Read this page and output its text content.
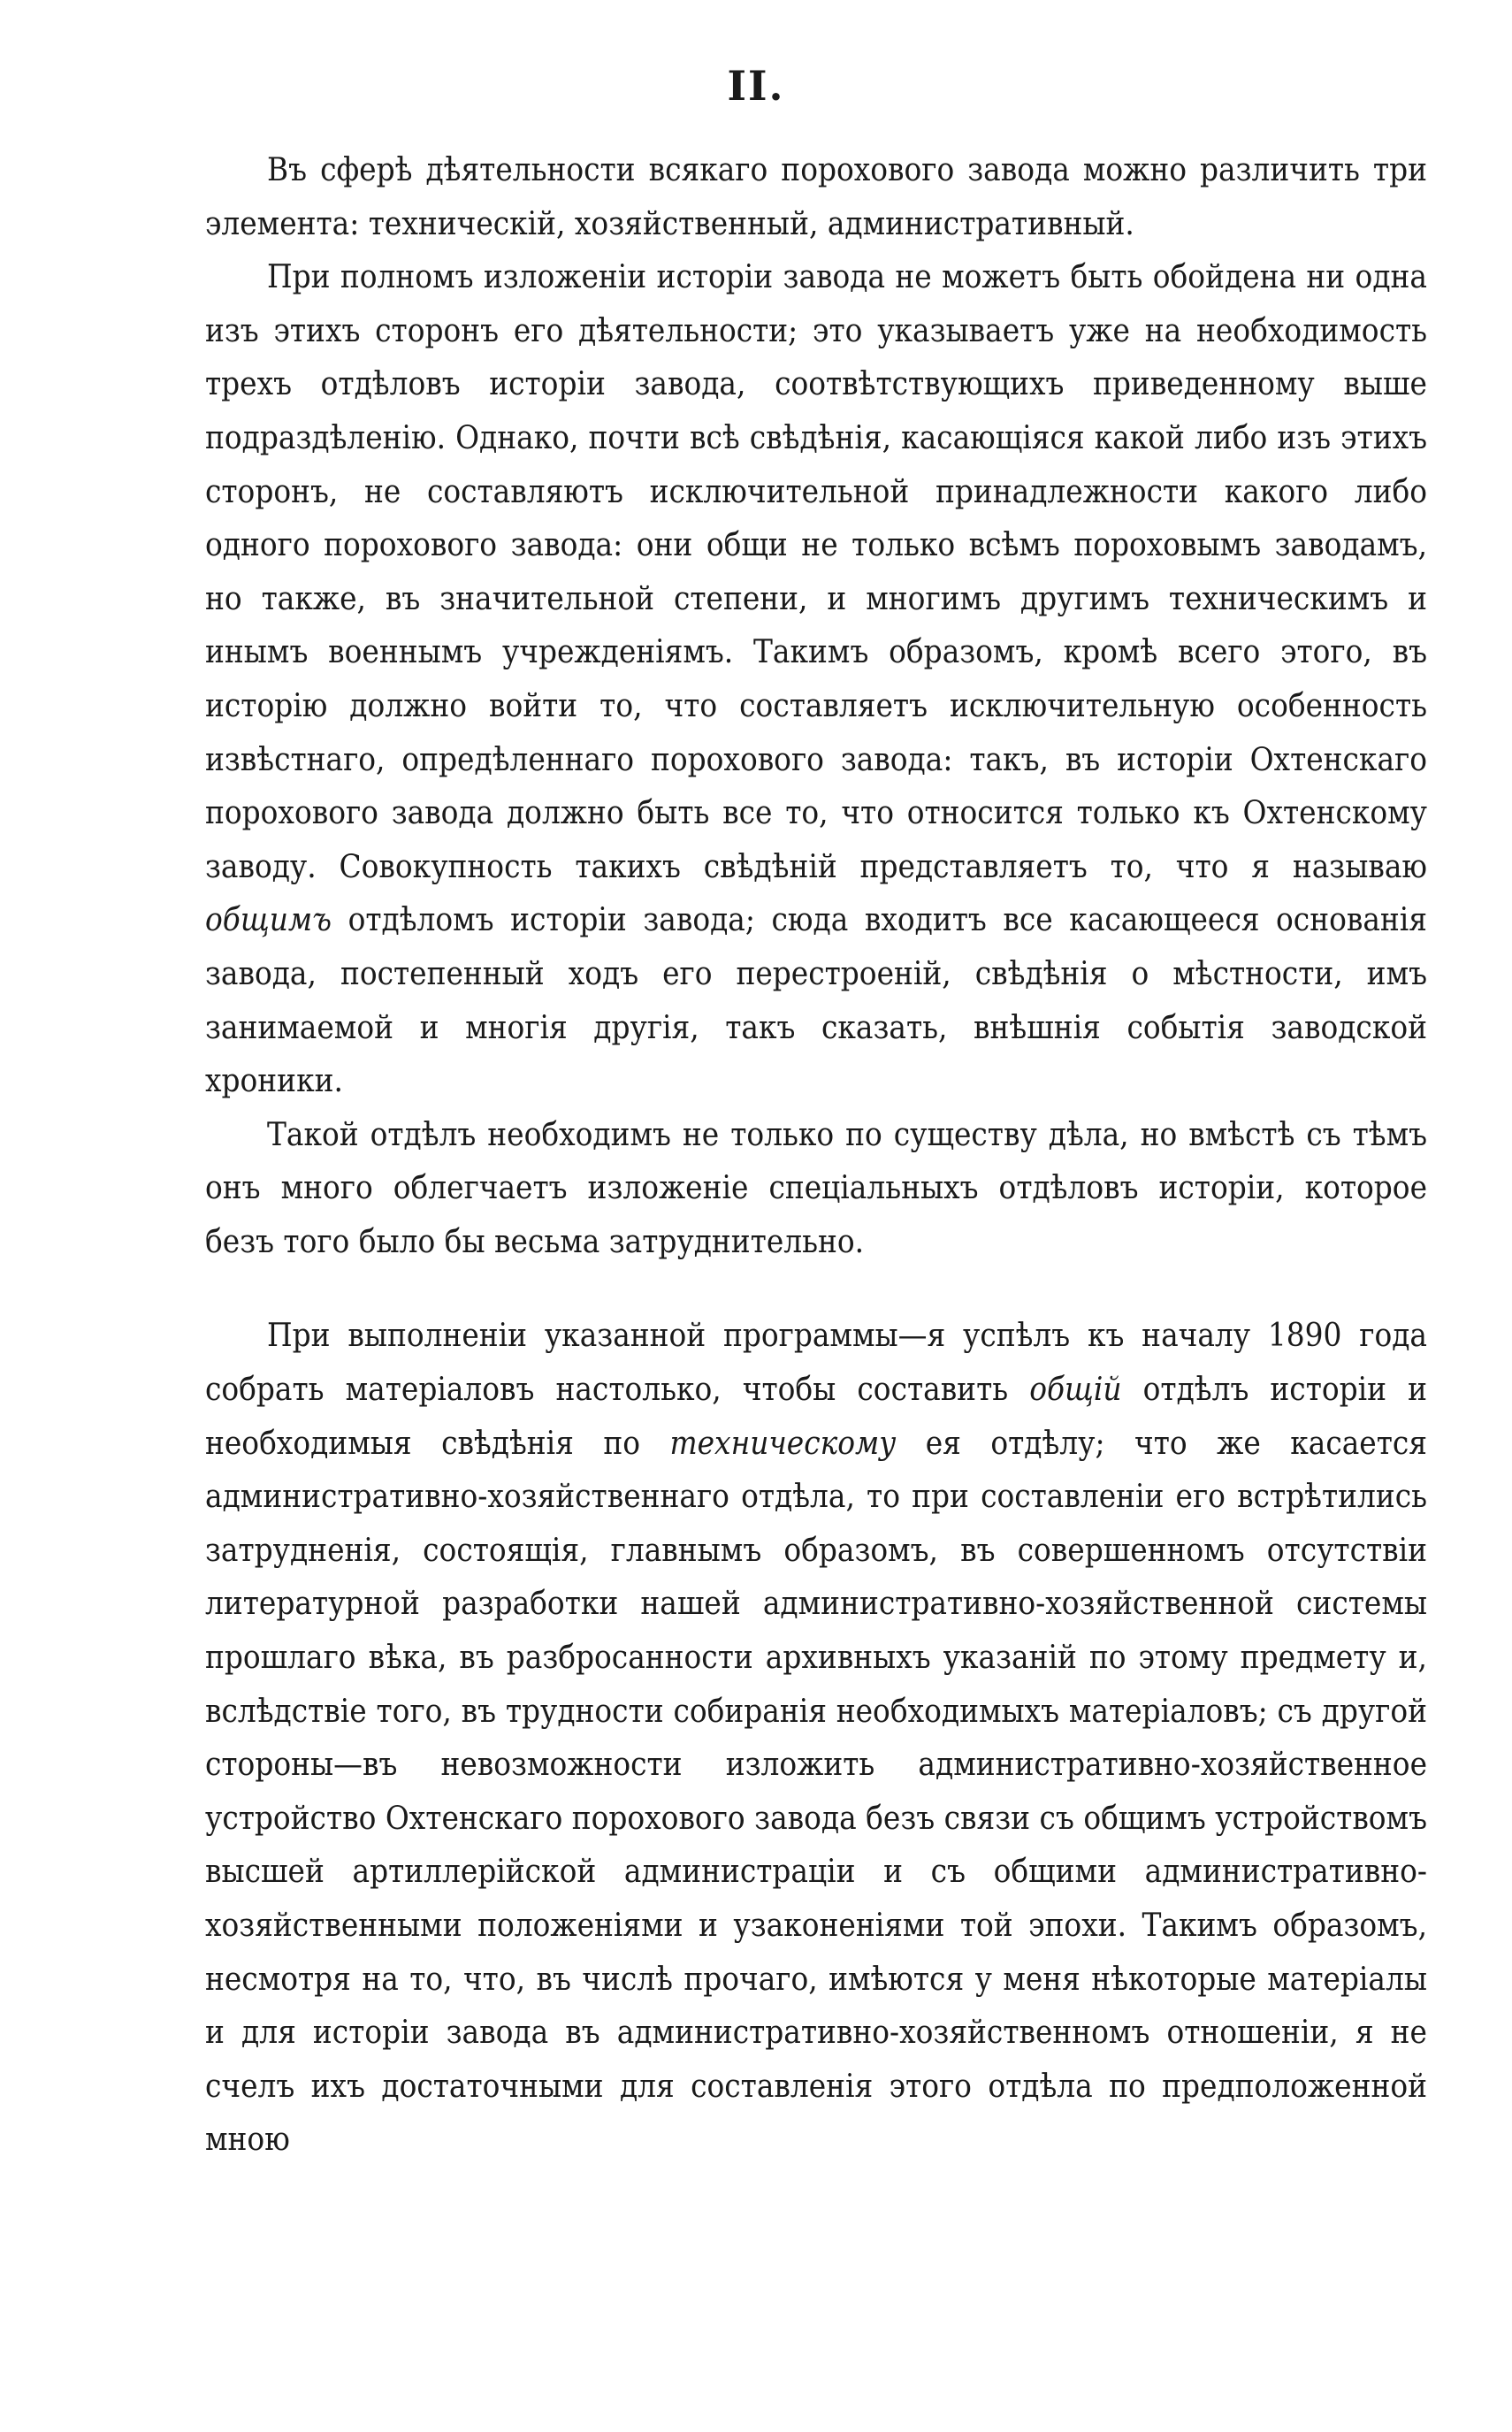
II.

Въ сферѣ дѣятельности всякаго порохового завода можно различить три элемента: техническій, хозяйственный, административный.

При полномъ изложеніи исторіи завода не можетъ быть обойдена ни одна изъ этихъ сторонъ его дѣятельности; это указываетъ уже на необходимость трехъ отдѣловъ исторіи завода, соотвѣтствующихъ приведенному выше подраздѣленію. Однако, почти всѣ свѣдѣнія, касающіяся какой либо изъ этихъ сторонъ, не составляютъ исключительной принадлежности какого либо одного порохового завода: они общи не только всѣмъ пороховымъ заводамъ, но также, въ значительной степени, и многимъ другимъ техническимъ и инымъ военнымъ учрежденіямъ. Такимъ образомъ, кромѣ всего этого, въ исторію должно войти то, что составляетъ исключительную особенность извѣстнаго, опредѣленнаго порохового завода: такъ, въ исторіи Охтенскаго порохового завода должно быть все то, что относится только къ Охтенскому заводу. Совокупность такихъ свѣдѣній представляетъ то, что я называю общимъ отдѣломъ исторіи завода; сюда входитъ все касающееся основанія завода, постепенный ходъ его перестроеній, свѣдѣнія о мѣстности, имъ занимаемой и многія другія, такъ сказать, внѣшнія событія заводской хроники.

Такой отдѣлъ необходимъ не только по существу дѣла, но вмѣстѣ съ тѣмъ онъ много облегчаетъ изложеніе спеціальныхъ отдѣловъ исторіи, которое безъ того было бы весьма затруднительно.

При выполненіи указанной программы—я успѣлъ къ началу 1890 года собрать матеріаловъ настолько, чтобы составить общій отдѣлъ исторіи и необходимыя свѣдѣнія по техническому ея отдѣлу; что же касается административно-хозяйственнаго отдѣла, то при составленіи его встрѣтились затрудненія, состоящія, главнымъ образомъ, въ совершенномъ отсутствіи литературной разработки нашей административно-хозяйственной системы прошлаго вѣка, въ разбросанности архивныхъ указаній по этому предмету и, вслѣдствіе того, въ трудности собиранія необходимыхъ матеріаловъ; съ другой стороны—въ невозможности изложить административно-хозяйственное устройство Охтенскаго порохового завода безъ связи съ общимъ устройствомъ высшей артиллерійской администраціи и съ общими административно-хозяйственными положеніями и узаконеніями той эпохи. Такимъ образомъ, несмотря на то, что, въ числѣ прочаго, имѣются у меня нѣкоторые матеріалы и для исторіи завода въ административно-хозяйственномъ отношеніи, я не счелъ ихъ достаточными для составленія этого отдѣла по предположенной мною
